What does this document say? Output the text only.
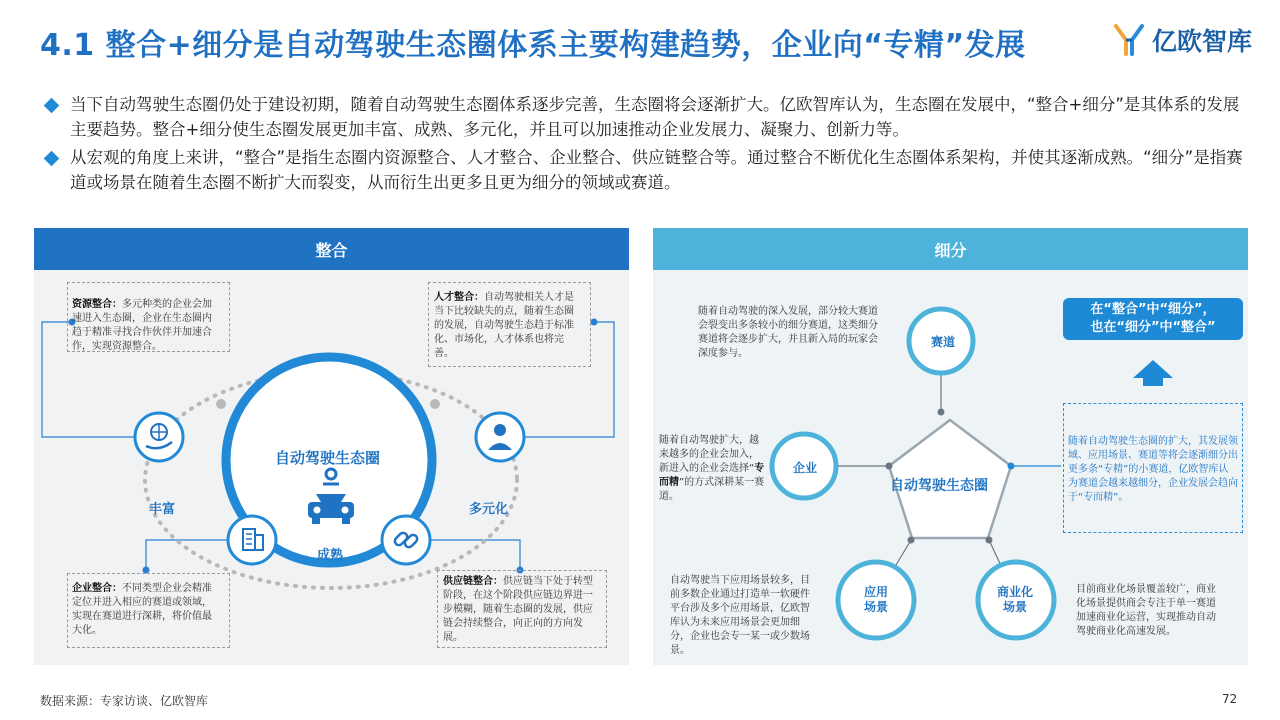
4.1 整合+细分是自动驾驶生态圈体系主要构建趋势，企业向“专精”发展	亿欧智库
当下自动驾驶生态圈仍处于建设初期，随着自动驾驶生态圈体系逐步完善，生态圈将会逐渐扩大。亿欧智库认为，生态圈在发展中，“整合+细分”是其体系的发展主要趋势。整合+细分使生态圈发展更加丰富、成熟、多元化，并且可以加速推动企业发展力、凝聚力、创新力等。
从宏观的角度上来讲，“整合”是指生态圈内资源整合、人才整合、企业整合、供应链整合等。通过整合不断优化生态圈体系架构，并使其逐渐成熟。“细分”是指赛道或场景在随着生态圈不断扩大而裂变，从而衍生出更多且更为细分的领域或赛道。
整合
自动驾驶生态圈
丰富
成熟
多元化
资源整合：多元种类的企业会加速进入生态圈，企业在生态圈内趋于精准寻找合作伙伴并加速合作，实现资源整合。
人才整合：自动驾驶相关人才是当下比较缺失的点，随着生态圈的发展，自动驾驶生态趋于标准化、市场化，人才体系也将完善。
企业整合：不同类型企业会精准定位并进入相应的赛道或领域，实现在赛道进行深耕，将价值最大化。
供应链整合：供应链当下处于转型阶段，在这个阶段供应链边界进一步模糊，随着生态圈的发展，供应链会持续整合，向正向的方向发展。
细分
在“整合”中“细分”，
也在“细分”中“整合”
自动驾驶生态圈
赛道
企业
应用
场景
商业化
场景
随着自动驾驶的深入发展，部分较大赛道会裂变出多条较小的细分赛道，这类细分赛道将会逐步扩大，并且新入局的玩家会深度参与。
随着自动驾驶扩大，越来越多的企业会加入，新进入的企业会选择“专而精”的方式深耕某一赛道。
自动驾驶当下应用场景较多，目前多数企业通过打造单一软硬件平台涉及多个应用场景，亿欧智库认为未来应用场景会更加细分，企业也会专一某一或少数场景。
目前商业化场景覆盖较广，商业化场景提供商会专注于单一赛道加速商业化运营，实现推动自动驾驶商业化高速发展。
随着自动驾驶生态圈的扩大，其发展领域、应用场景、赛道等将会逐渐细分出更多条“专精”的小赛道，亿欧智库认为赛道会越来越细分，企业发展会趋向于“专而精”。
数据来源：专家访谈、亿欧智库	72
